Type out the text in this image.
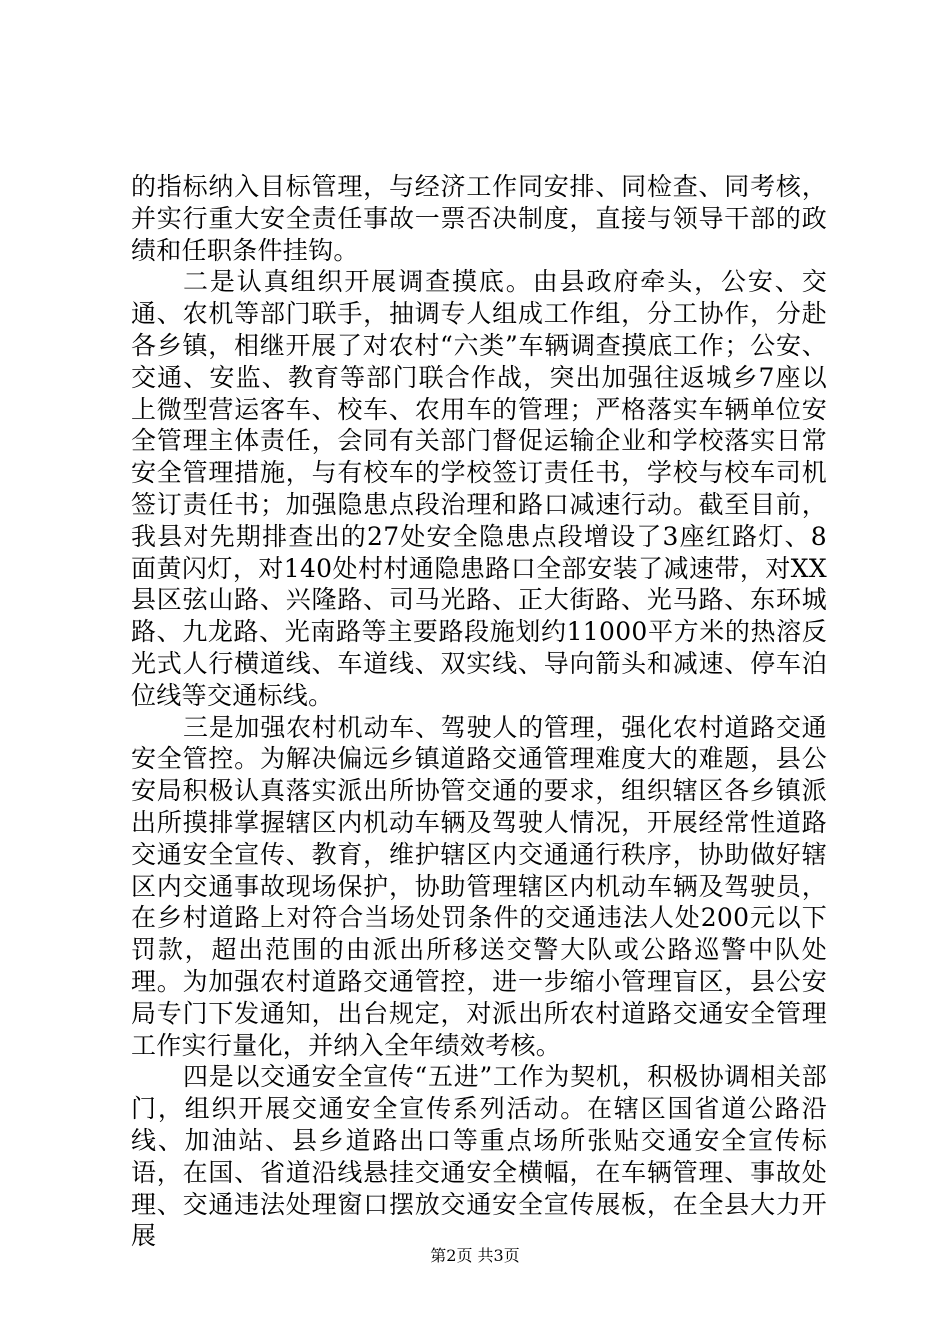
的指标纳入目标管理，与经济工作同安排、同检查、同考核，并实行重大安全责任事故一票否决制度，直接与领导干部的政绩和任职条件挂钩。

二是认真组织开展调查摸底。由县政府牵头，公安、交通、农机等部门联手，抽调专人组成工作组，分工协作，分赴各乡镇，相继开展了对农村“六类”车辆调查摸底工作；公安、交通、安监、教育等部门联合作战，突出加强往返城乡7座以上微型营运客车、校车、农用车的管理；严格落实车辆单位安全管理主体责任，会同有关部门督促运输企业和学校落实日常安全管理措施，与有校车的学校签订责任书，学校与校车司机签订责任书；加强隐患点段治理和路口减速行动。截至目前，我县对先期排查出的27处安全隐患点段增设了3座红路灯、8面黄闪灯，对140处村村通隐患路口全部安装了减速带，对XX县区弦山路、兴隆路、司马光路、正大街路、光马路、东环城路、九龙路、光南路等主要路段施划约11000平方米的热溶反光式人行横道线、车道线、双实线、导向箭头和减速、停车泊位线等交通标线。

三是加强农村机动车、驾驶人的管理，强化农村道路交通安全管控。为解决偏远乡镇道路交通管理难度大的难题，县公安局积极认真落实派出所协管交通的要求，组织辖区各乡镇派出所摸排掌握辖区内机动车辆及驾驶人情况，开展经常性道路交通安全宣传、教育，维护辖区内交通通行秩序，协助做好辖区内交通事故现场保护，协助管理辖区内机动车辆及驾驶员，在乡村道路上对符合当场处罚条件的交通违法人处200元以下罚款，超出范围的由派出所移送交警大队或公路巡警中队处理。为加强农村道路交通管控，进一步缩小管理盲区，县公安局专门下发通知，出台规定，对派出所农村道路交通安全管理工作实行量化，并纳入全年绩效考核。

四是以交通安全宣传“五进”工作为契机，积极协调相关部门，组织开展交通安全宣传系列活动。在辖区国省道公路沿线、加油站、县乡道路出口等重点场所张贴交通安全宣传标语，在国、省道沿线悬挂交通安全横幅，在车辆管理、事故处理、交通违法处理窗口摆放交通安全宣传展板，在全县大力开展

第2页 共3页
